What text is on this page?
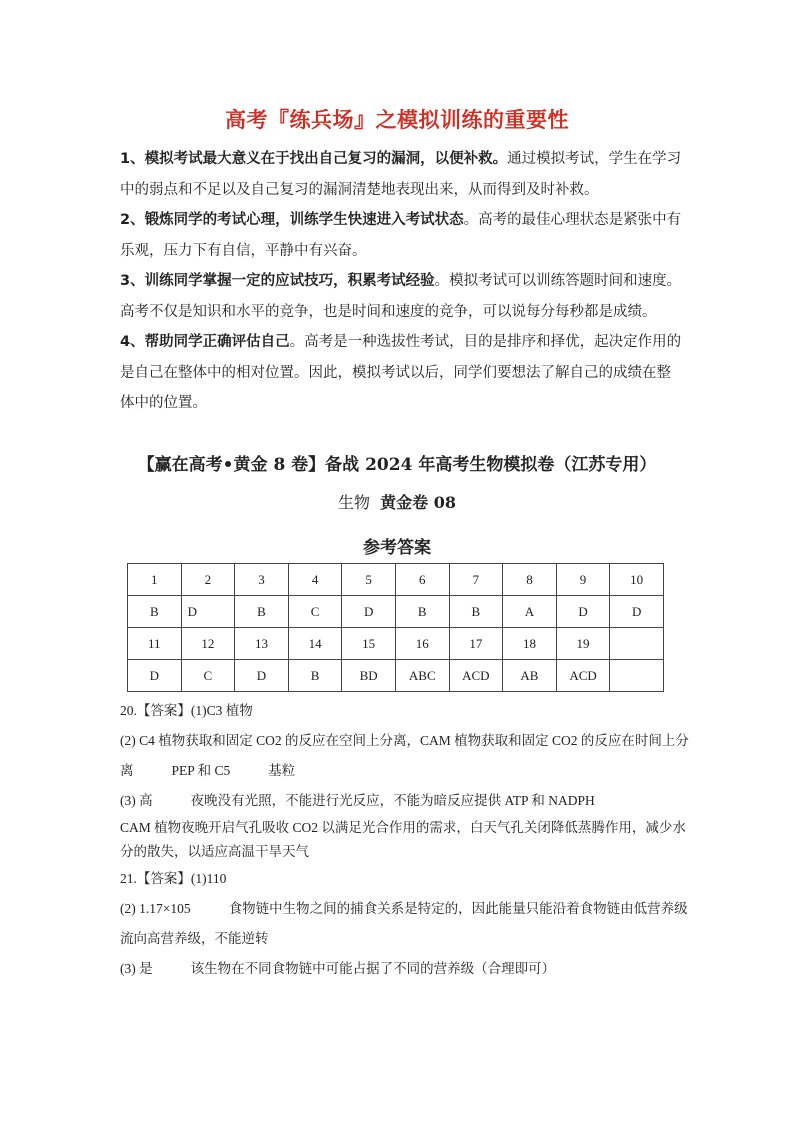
高考『练兵场』之模拟训练的重要性

1、模拟考试最大意义在于找出自己复习的漏洞，以便补救。通过模拟考试，学生在学习中的弱点和不足以及自己复习的漏洞清楚地表现出来，从而得到及时补救。

2、锻炼同学的考试心理，训练学生快速进入考试状态。高考的最佳心理状态是紧张中有乐观，压力下有自信，平静中有兴奋。

3、训练同学掌握一定的应试技巧，积累考试经验。模拟考试可以训练答题时间和速度。高考不仅是知识和水平的竞争，也是时间和速度的竞争，可以说每分每秒都是成绩。

4、帮助同学正确评估自己。高考是一种选拔性考试，目的是排序和择优，起决定作用的是自己在整体中的相对位置。因此，模拟考试以后，同学们要想法了解自己的成绩在整体中的位置。

【赢在高考•黄金 8 卷】备战 2024 年高考生物模拟卷（江苏专用）
生物 黄金卷 08
参考答案
1	2	3	4	5	6	7	8	9	10
B	D	B	C	D	B	B	A	D	D
11	12	13	14	15	16	17	18	19	
D	C	D	B	BD	ABC	ACD	AB	ACD	

20.【答案】(1)C3 植物

(2) C4 植物获取和固定 CO2 的反应在空间上分离，CAM 植物获取和固定 CO2 的反应在时间上分离	PEP 和 C5	基粒

(3) 高	夜晚没有光照，不能进行光反应，不能为暗反应提供 ATP 和 NADPH

CAM 植物夜晚开启气孔吸收 CO2 以满足光合作用的需求，白天气孔关闭降低蒸腾作用，减少水分的散失，以适应高温干旱天气

21.【答案】(1)110

(2) 1.17×105	食物链中生物之间的捕食关系是特定的，因此能量只能沿着食物链由低营养级流向高营养级，不能逆转

(3) 是	该生物在不同食物链中可能占据了不同的营养级（合理即可）
